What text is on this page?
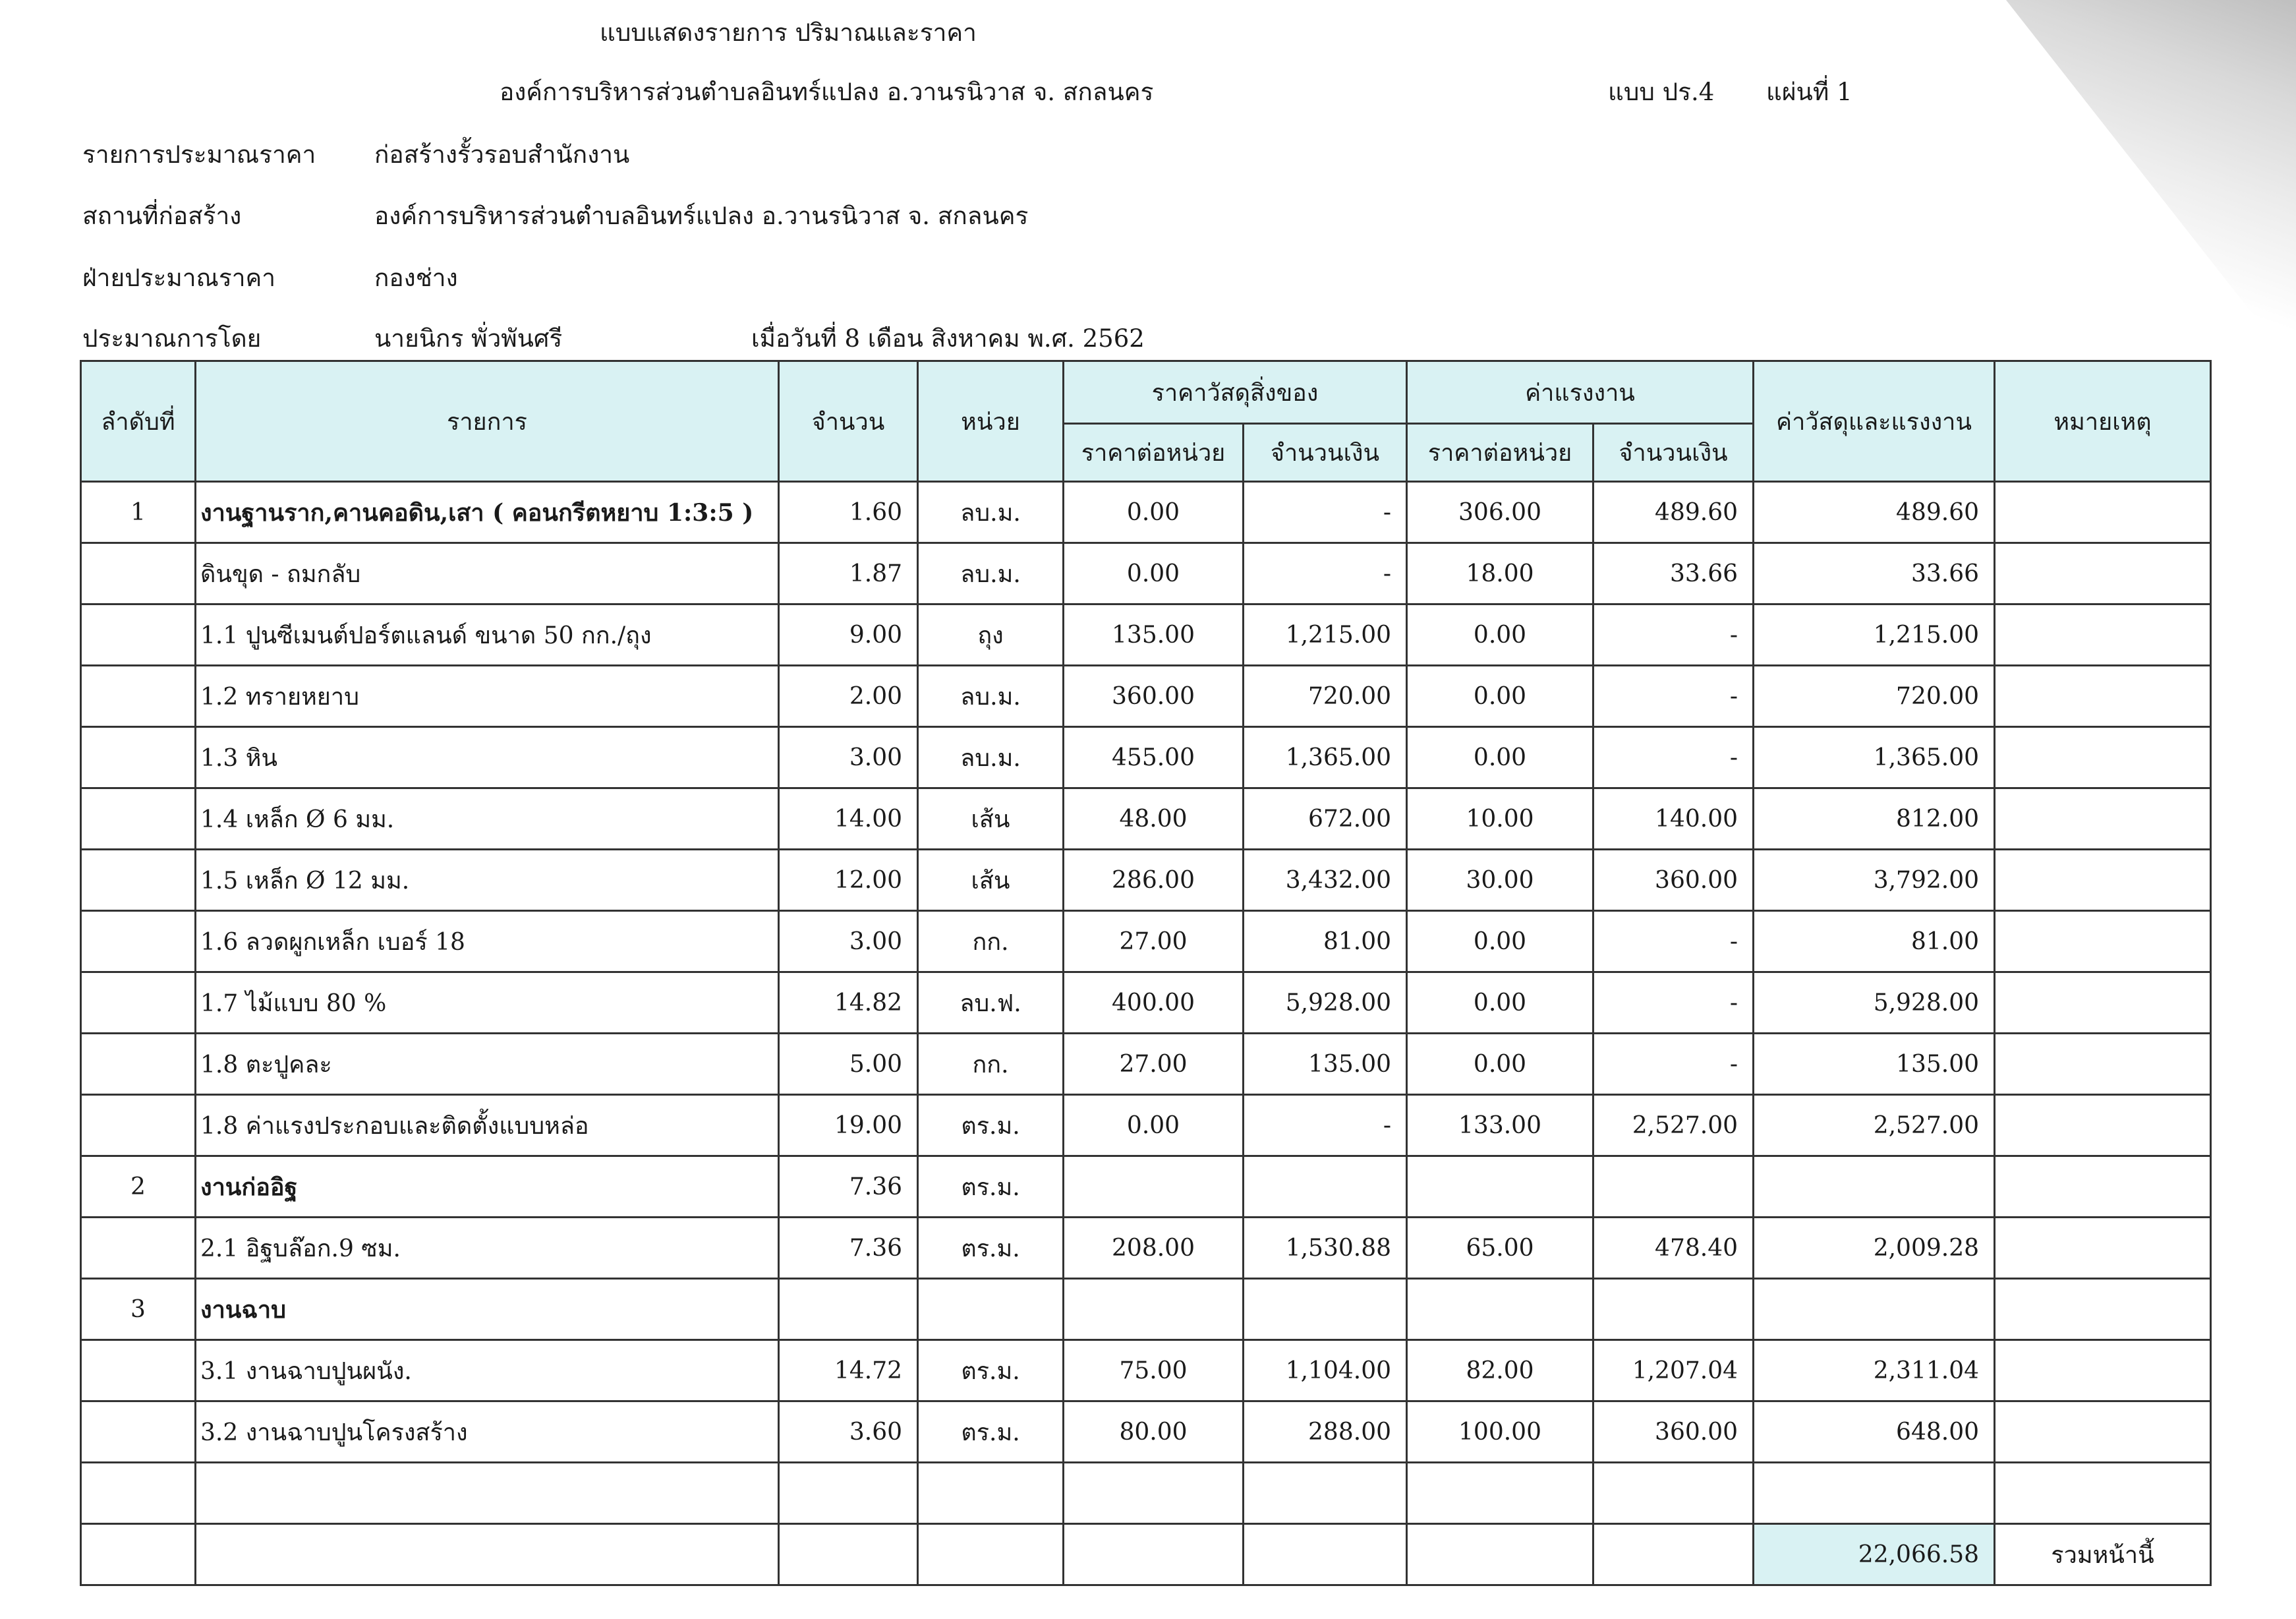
แบบแสดงรายการ ปริมาณและราคา
องค์การบริหารส่วนตำบลอินทร์แปลง อ.วานรนิวาส จ. สกลนคร	แบบ ปร.4 แผ่นที่ 1
รายการประมาณราคา ก่อสร้างรั้วรอบสำนักงาน
สถานที่ก่อสร้าง	องค์การบริหารส่วนตำบลอินทร์แปลง อ.วานรนิวาส จ. สกลนคร
ฝ่ายประมาณราคา	กองช่าง
ประมาณการโดย	นายนิกร พั่วพันศรี	เมื่อวันที่ 8 เดือน สิงหาคม พ.ศ. 2562
ลำดับที่	รายการ	จำนวน	หน่วย	ราคาวัสดุสิ่งของ		ค่าแรงงาน		ค่าวัสดุและแรงงาน	หมายเหตุ
				ราคาต่อหน่วย	จำนวนเงิน	ราคาต่อหน่วย	จำนวนเงิน		
1	งานฐานราก,คานคอดิน,เสา ( คอนกรีตหยาบ 1:3:5 )	1.60	ลบ.ม.	0.00	-	306.00	489.60	489.60	
	ดินขุด - ถมกลับ	1.87	ลบ.ม.	0.00	-	18.00	33.66	33.66	
	1.1 ปูนซีเมนต์ปอร์ตแลนด์ ขนาด 50 กก./ถุง	9.00	ถุง	135.00	1,215.00	0.00	-	1,215.00	
	1.2 ทรายหยาบ	2.00	ลบ.ม.	360.00	720.00	0.00	-	720.00	
	1.3 หิน	3.00	ลบ.ม.	455.00	1,365.00	0.00	-	1,365.00	
	1.4 เหล็ก Ø 6 มม.	14.00	เส้น	48.00	672.00	10.00	140.00	812.00	
	1.5 เหล็ก Ø 12 มม.	12.00	เส้น	286.00	3,432.00	30.00	360.00	3,792.00	
	1.6 ลวดผูกเหล็ก เบอร์ 18	3.00	กก.	27.00	81.00	0.00	-	81.00	
	1.7 ไม้แบบ 80 %	14.82	ลบ.ฟ.	400.00	5,928.00	0.00	-	5,928.00	
	1.8 ตะปูคละ	5.00	กก.	27.00	135.00	0.00	-	135.00	
	1.8 ค่าแรงประกอบและติดตั้งแบบหล่อ	19.00	ตร.ม.	0.00	-	133.00	2,527.00	2,527.00	
2	งานก่ออิฐ	7.36	ตร.ม.						
	2.1 อิฐบล๊อก.9 ซม.	7.36	ตร.ม.	208.00	1,530.88	65.00	478.40	2,009.28	
3	งานฉาบ								
	3.1 งานฉาบปูนผนัง.	14.72	ตร.ม.	75.00	1,104.00	82.00	1,207.04	2,311.04	
	3.2 งานฉาบปูนโครงสร้าง	3.60	ตร.ม.	80.00	288.00	100.00	360.00	648.00	

								22,066.58	รวมหน้านี้
